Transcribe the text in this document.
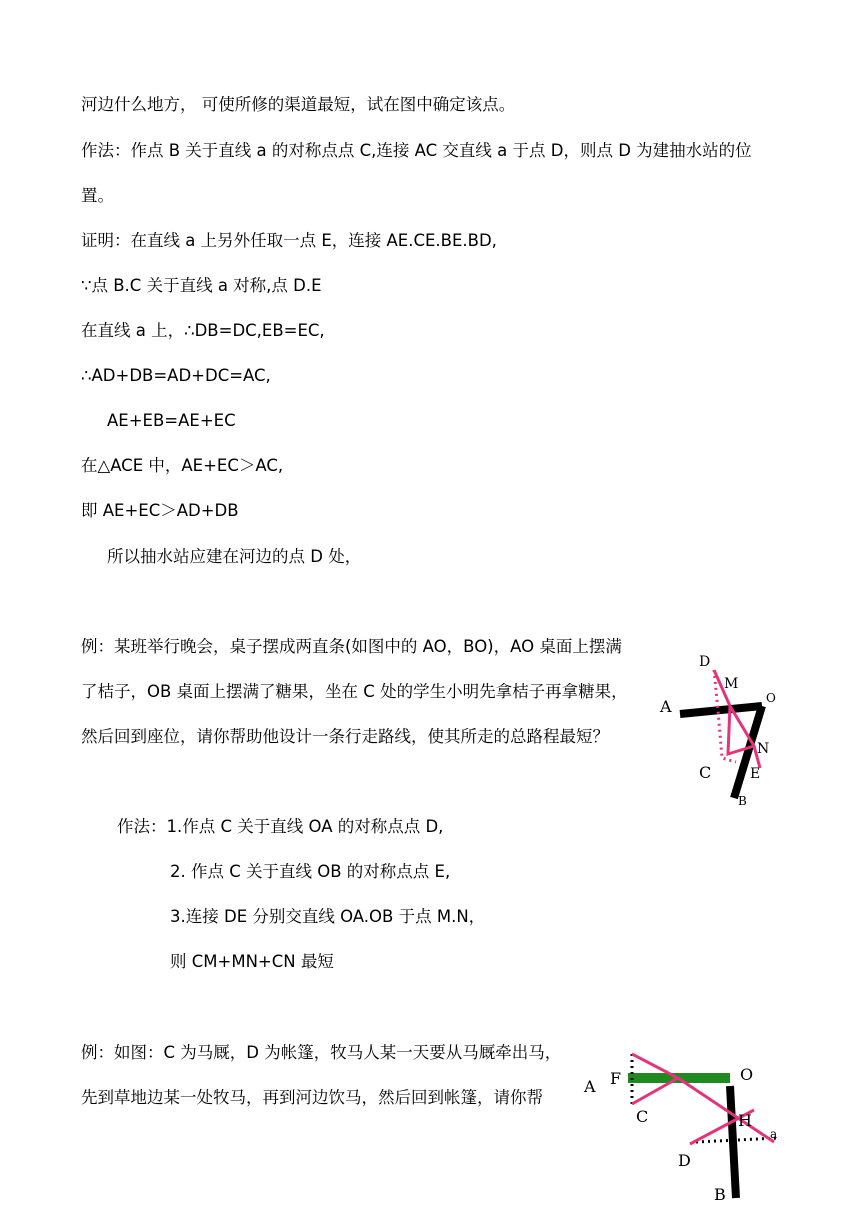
河边什么地方， 可使所修的渠道最短，试在图中确定该点。
作法：作点 B 关于直线 a 的对称点点 C,连接 AC 交直线 a 于点 D，则点 D 为建抽水站的位
置。
证明：在直线 a 上另外任取一点 E，连接 AE.CE.BE.BD,
∵点 B.C 关于直线 a 对称,点 D.E
在直线 a 上，∴DB=DC,EB=EC,
∴AD+DB=AD+DC=AC,
AE+EB=AE+EC
在△ACE 中，AE+EC＞AC,
即 AE+EC＞AD+DB
所以抽水站应建在河边的点 D 处，
例：某班举行晚会，桌子摆成两直条(如图中的 AO，BO)，AO 桌面上摆满
了桔子，OB 桌面上摆满了糖果，坐在 C 处的学生小明先拿桔子再拿糖果，
然后回到座位，请你帮助他设计一条行走路线，使其所走的总路程最短？
作法：1.作点 C 关于直线 OA 的对称点点 D,
2. 作点 C 关于直线 OB 的对称点点 E,
3.连接 DE 分别交直线 OA.OB 于点 M.N，
则 CM+MN+CN 最短
D
M
O
A
N
C	E
B
例：如图：C 为马厩，D 为帐篷，牧马人某一天要从马厩牵出马，
先到草地边某一处牧马，再到河边饮马，然后回到帐篷，请你帮
F
A
O
C	H
a
D
B
